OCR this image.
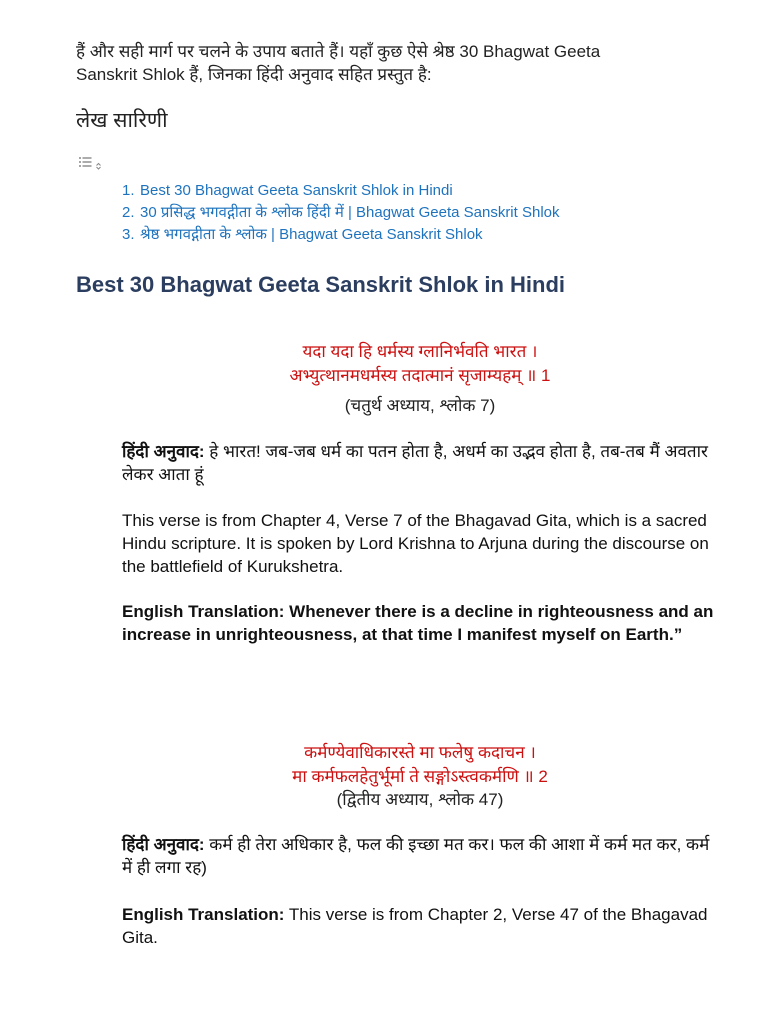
हैं और सही मार्ग पर चलने के उपाय बताते हैं। यहाँ कुछ ऐसे श्रेष्ठ 30 Bhagwat Geeta
Sanskrit Shlok हैं, जिनका हिंदी अनुवाद सहित प्रस्तुत है:
लेख सारिणी
1. Best 30 Bhagwat Geeta Sanskrit Shlok in Hindi
2. 30 प्रसिद्ध भगवद्गीता के श्लोक हिंदी में | Bhagwat Geeta Sanskrit Shlok
3. श्रेष्ठ भगवद्गीता के श्लोक | Bhagwat Geeta Sanskrit Shlok
Best 30 Bhagwat Geeta Sanskrit Shlok in Hindi
यदा यदा हि धर्मस्य ग्लानिर्भवति भारत ।
अभ्युत्थानमधर्मस्य तदात्मानं सृजाम्यहम् ॥ 1
(चतुर्थ अध्याय, श्लोक 7)

हिंदी अनुवाद: हे भारत! जब-जब धर्म का पतन होता है, अधर्म का उद्भव होता है, तब-तब मैं अवतार लेकर आता हूं

This verse is from Chapter 4, Verse 7 of the Bhagavad Gita, which is a sacred Hindu scripture. It is spoken by Lord Krishna to Arjuna during the discourse on the battlefield of Kurukshetra.

English Translation: Whenever there is a decline in righteousness and an increase in unrighteousness, at that time I manifest myself on Earth.”

कर्मण्येवाधिकारस्ते मा फलेषु कदाचन ।
मा कर्मफलहेतुर्भूर्मा ते सङ्गोऽस्त्वकर्मणि ॥ 2
(द्वितीय अध्याय, श्लोक 47)

हिंदी अनुवाद: कर्म ही तेरा अधिकार है, फल की इच्छा मत कर। फल की आशा में कर्म मत कर, कर्म में ही लगा रह)

English Translation: This verse is from Chapter 2, Verse 47 of the Bhagavad Gita.
